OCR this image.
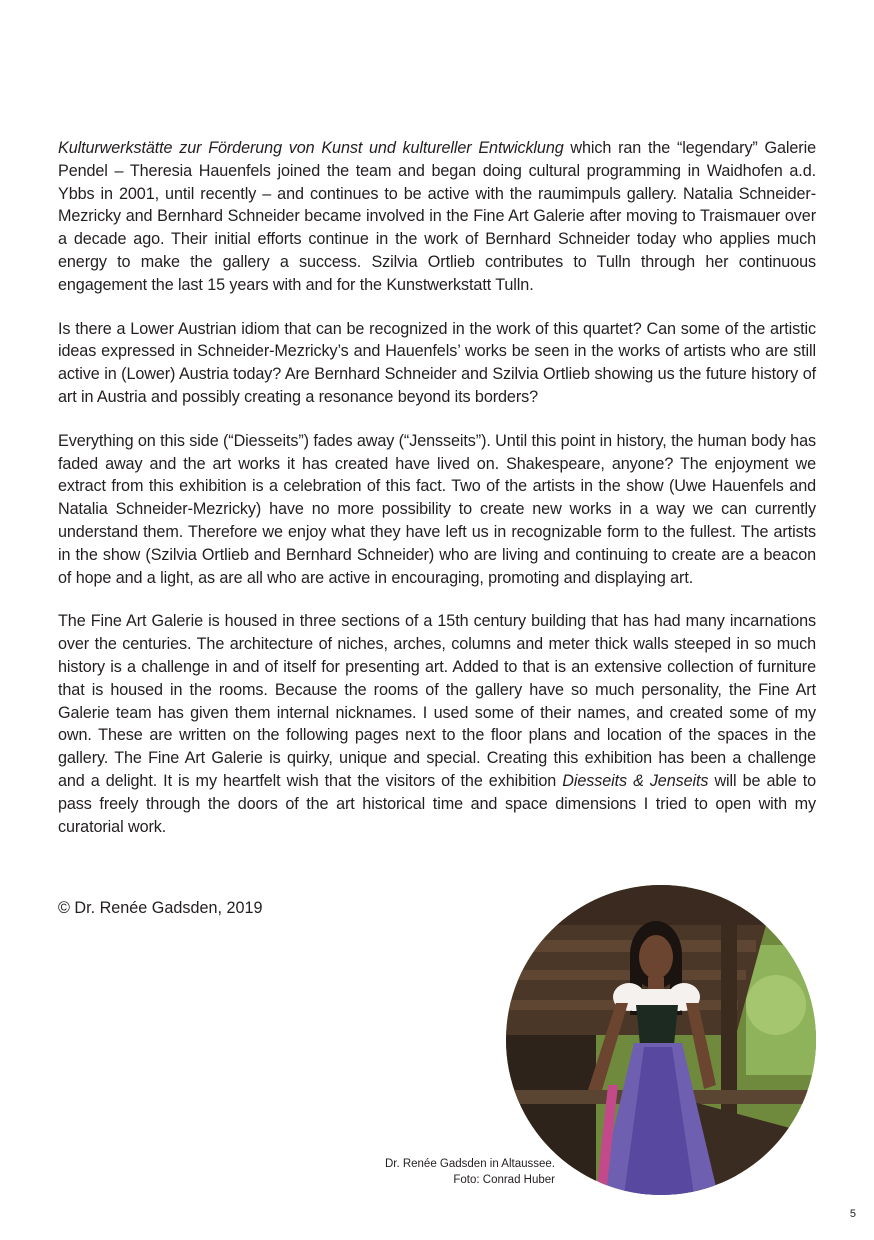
Kulturwerkstätte zur Förderung von Kunst und kultureller Entwicklung which ran the “legendary” Galerie Pendel – Theresia Hauenfels joined the team and began doing cultural programming in Waidhofen a.d. Ybbs in 2001, until recently – and continues to be active with the raumimpuls gallery. Natalia Schneider-Mezricky and Bernhard Schneider became involved in the Fine Art Galerie after moving to Traismauer over a decade ago. Their initial efforts continue in the work of Bernhard Schneider today who applies much energy to make the gallery a success. Szilvia Ortlieb contributes to Tulln through her continuous engagement the last 15 years with and for the Kunstwerkstatt Tulln.

Is there a Lower Austrian idiom that can be recognized in the work of this quartet? Can some of the artistic ideas expressed in Schneider-Mezricky’s and Hauenfels’ works be seen in the works of artists who are still active in (Lower) Austria today? Are Bernhard Schneider and Szilvia Ortlieb showing us the future history of art in Austria and possibly creating a resonance beyond its borders?

Everything on this side (“Diesseits”) fades away (“Jensseits”). Until this point in history, the human body has faded away and the art works it has created have lived on. Shakespeare, anyone? The enjoyment we extract from this exhibition is a celebration of this fact. Two of the artists in the show (Uwe Hauenfels and Natalia Schneider-Mezricky) have no more possibility to create new works in a way we can currently understand them. Therefore we enjoy what they have left us in recognizable form to the fullest. The artists in the show (Szilvia Ortlieb and Bernhard Schneider) who are living and continuing to create are a beacon of hope and a light, as are all who are active in encouraging, promoting and displaying art.

The Fine Art Galerie is housed in three sections of a 15th century building that has had many incarnations over the centuries. The architecture of niches, arches, columns and meter thick walls steeped in so much history is a challenge in and of itself for presenting art. Added to that is an extensive collection of furniture that is housed in the rooms. Because the rooms of the gallery have so much personality, the Fine Art Galerie team has given them internal nicknames. I used some of their names, and created some of my own. These are written on the following pages next to the floor plans and location of the spaces in the gallery. The Fine Art Galerie is quirky, unique and special. Creating this exhibition has been a challenge and a delight. It is my heartfelt wish that the visitors of the exhibition Diesseits & Jenseits will be able to pass freely through the doors of the art historical time and space dimensions I tried to open with my curatorial work.

© Dr. Renée Gadsden, 2019
Dr. Renée Gadsden in Altaussee.
Foto: Conrad Huber
5
